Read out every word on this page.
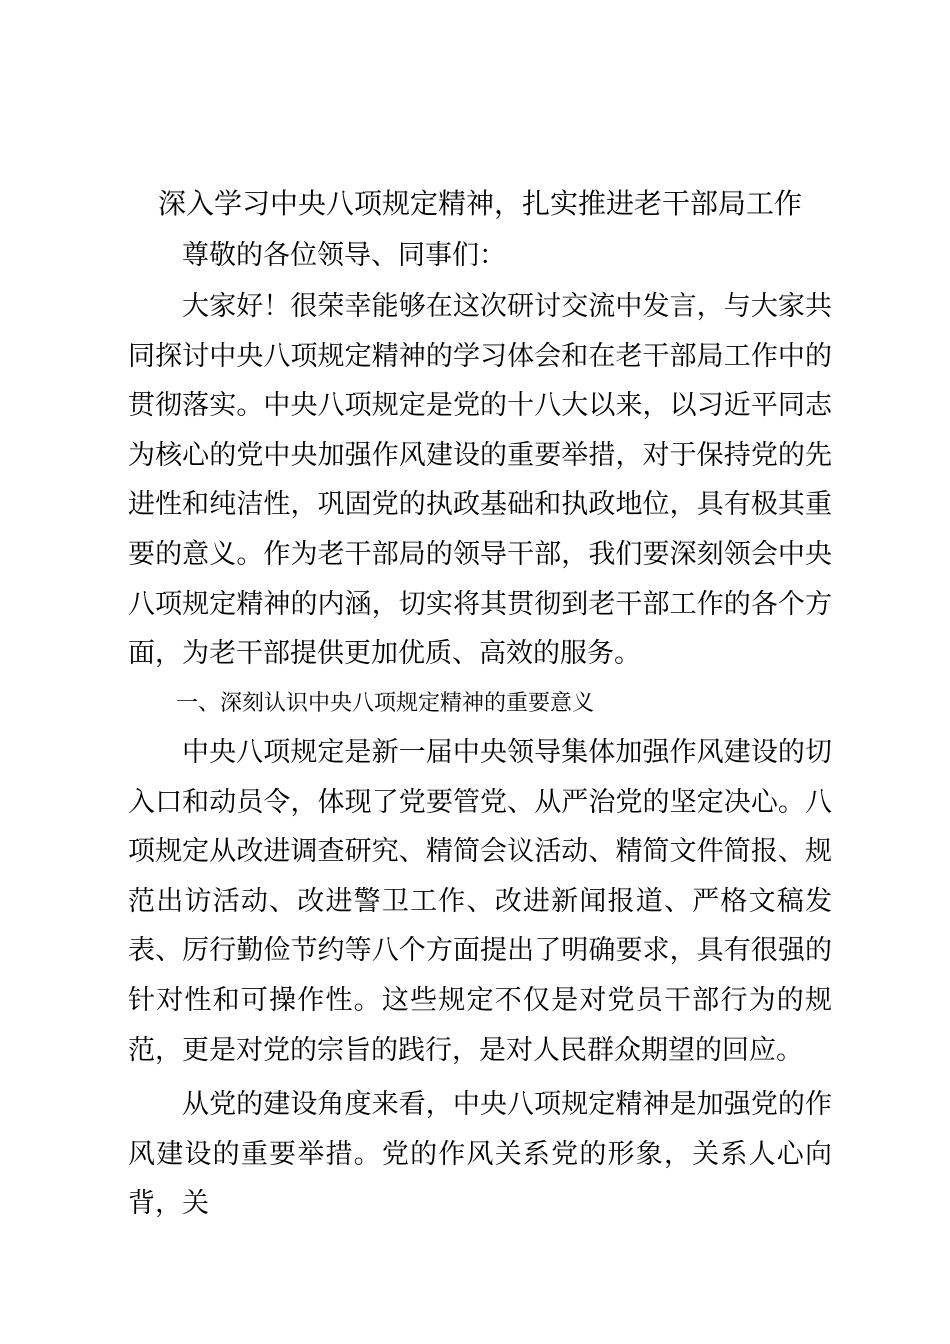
深入学习中央八项规定精神，扎实推进老干部局工作

尊敬的各位领导、同事们：

大家好！很荣幸能够在这次研讨交流中发言，与大家共同探讨中央八项规定精神的学习体会和在老干部局工作中的贯彻落实。中央八项规定是党的十八大以来，以习近平同志为核心的党中央加强作风建设的重要举措，对于保持党的先进性和纯洁性，巩固党的执政基础和执政地位，具有极其重要的意义。作为老干部局的领导干部，我们要深刻领会中央八项规定精神的内涵，切实将其贯彻到老干部工作的各个方面，为老干部提供更加优质、高效的服务。

一、深刻认识中央八项规定精神的重要意义

中央八项规定是新一届中央领导集体加强作风建设的切入口和动员令，体现了党要管党、从严治党的坚定决心。八项规定从改进调查研究、精简会议活动、精简文件简报、规范出访活动、改进警卫工作、改进新闻报道、严格文稿发表、厉行勤俭节约等八个方面提出了明确要求，具有很强的针对性和可操作性。这些规定不仅是对党员干部行为的规范，更是对党的宗旨的践行，是对人民群众期望的回应。

从党的建设角度来看，中央八项规定精神是加强党的作风建设的重要举措。党的作风关系党的形象，关系人心向背，关
